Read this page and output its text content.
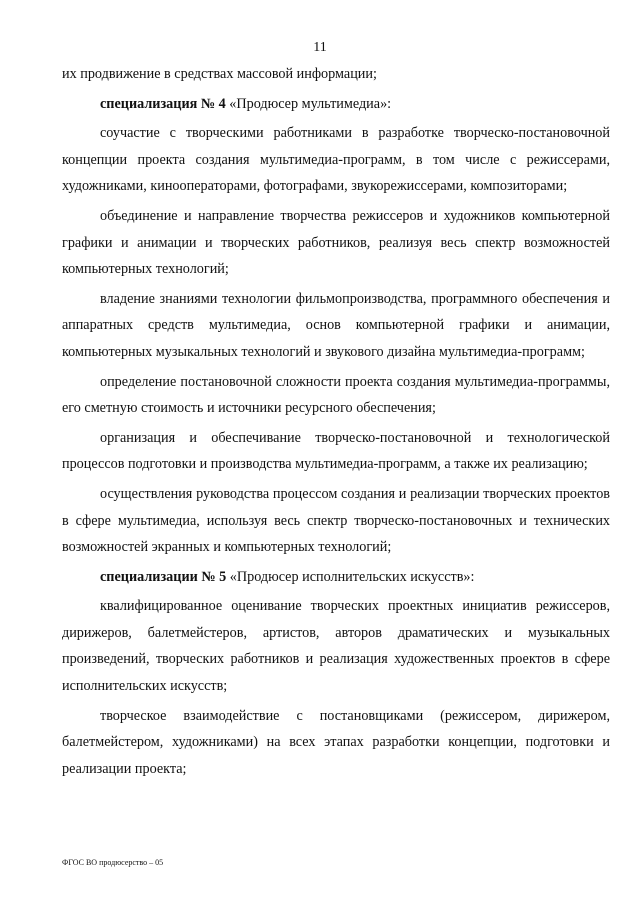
11

их продвижение в средствах массовой информации;

специализация № 4 «Продюсер мультимедиа»:

соучастие с творческими работниками в разработке творческо-постановочной концепции проекта создания мультимедиа-программ, в том числе с режиссерами, художниками, кинооператорами, фотографами, звукорежиссерами, композиторами;

объединение и направление творчества режиссеров и художников компьютерной графики и анимации и творческих работников, реализуя весь спектр возможностей компьютерных технологий;

владение знаниями технологии фильмопроизводства, программного обеспечения и аппаратных средств мультимедиа, основ компьютерной графики и анимации, компьютерных музыкальных технологий и звукового дизайна мультимедиа-программ;

определение постановочной сложности проекта создания мультимедиа-программы, его сметную стоимость и источники ресурсного обеспечения;

организация и обеспечивание творческо-постановочной и технологической процессов подготовки и производства мультимедиа-программ, а также их реализацию;

осуществления руководства процессом создания и реализации творческих проектов в сфере мультимедиа, используя весь спектр творческо-постановочных и технических возможностей экранных и компьютерных технологий;

специализации № 5 «Продюсер исполнительских искусств»:

квалифицированное оценивание творческих проектных инициатив режиссеров, дирижеров, балетмейстеров, артистов, авторов драматических и музыкальных произведений, творческих работников и реализация художественных проектов в сфере исполнительских искусств;

творческое взаимодействие с постановщиками (режиссером, дирижером, балетмейстером, художниками) на всех этапах разработки концепции, подготовки и реализации проекта;

ФГОС ВО продюсерство – 05
